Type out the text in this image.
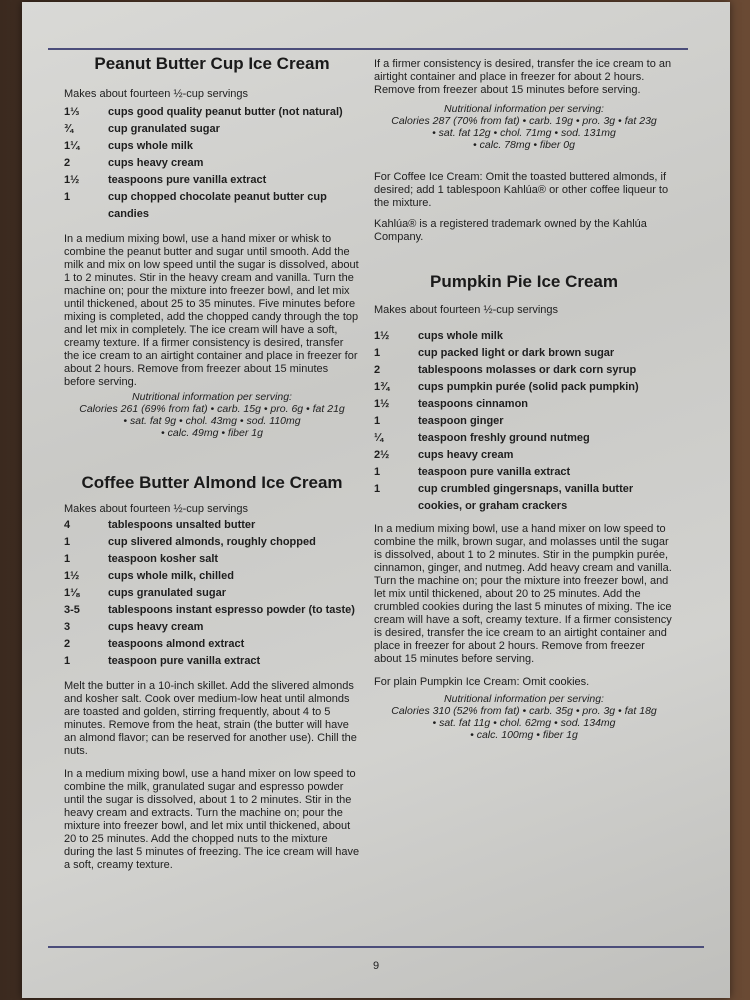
Peanut Butter Cup Ice Cream
Makes about fourteen ½-cup servings
1⅓	cups good quality peanut butter (not natural)
¾	cup granulated sugar
1¼	cups whole milk
2	cups heavy cream
1½	teaspoons pure vanilla extract
1	cup chopped chocolate peanut butter cup candies

In a medium mixing bowl, use a hand mixer or whisk to combine the peanut butter and sugar until smooth. Add the milk and mix on low speed until the sugar is dissolved, about 1 to 2 minutes. Stir in the heavy cream and vanilla. Turn the machine on; pour the mixture into freezer bowl, and let mix until thickened, about 25 to 35 minutes. Five minutes before mixing is completed, add the chopped candy through the top and let mix in completely. The ice cream will have a soft, creamy texture. If a firmer consistency is desired, transfer the ice cream to an airtight container and place in freezer for about 2 hours. Remove from freezer about 15 minutes before serving.

Nutritional information per serving:
Calories 261 (69% from fat) • carb. 15g • pro. 6g • fat 21g
• sat. fat 9g • chol. 43mg • sod. 110mg
• calc. 49mg • fiber 1g
Coffee Butter Almond Ice Cream
Makes about fourteen ½-cup servings
4	tablespoons unsalted butter
1	cup slivered almonds, roughly chopped
1	teaspoon kosher salt
1½	cups whole milk, chilled
1⅛	cups granulated sugar
3-5	tablespoons instant espresso powder (to taste)
3	cups heavy cream
2	teaspoons almond extract
1	teaspoon pure vanilla extract

Melt the butter in a 10-inch skillet. Add the slivered almonds and kosher salt. Cook over medium-low heat until almonds are toasted and golden, stirring frequently, about 4 to 5 minutes. Remove from the heat, strain (the butter will have an almond flavor; can be reserved for another use). Chill the nuts.

In a medium mixing bowl, use a hand mixer on low speed to combine the milk, granulated sugar and espresso powder until the sugar is dissolved, about 1 to 2 minutes. Stir in the heavy cream and extracts. Turn the machine on; pour the mixture into freezer bowl, and let mix until thickened, about 20 to 25 minutes. Add the chopped nuts to the mixture during the last 5 minutes of freezing. The ice cream will have a soft, creamy texture.

If a firmer consistency is desired, transfer the ice cream to an airtight container and place in freezer for about 2 hours. Remove from freezer about 15 minutes before serving.

Nutritional information per serving:
Calories 287 (70% from fat) • carb. 19g • pro. 3g • fat 23g
• sat. fat 12g • chol. 71mg • sod. 131mg
• calc. 78mg • fiber 0g

For Coffee Ice Cream: Omit the toasted buttered almonds, if desired; add 1 tablespoon Kahlúa® or other coffee liqueur to the mixture.

Kahlúa® is a registered trademark owned by the Kahlúa Company.

Pumpkin Pie Ice Cream
Makes about fourteen ½-cup servings
1½	cups whole milk
1	cup packed light or dark brown sugar
2	tablespoons molasses or dark corn syrup
1¾	cups pumpkin purée (solid pack pumpkin)
1½	teaspoons cinnamon
1	teaspoon ginger
¼	teaspoon freshly ground nutmeg
2½	cups heavy cream
1	teaspoon pure vanilla extract
1	cup crumbled gingersnaps, vanilla butter cookies, or graham crackers

In a medium mixing bowl, use a hand mixer on low speed to combine the milk, brown sugar, and molasses until the sugar is dissolved, about 1 to 2 minutes. Stir in the pumpkin purée, cinnamon, ginger, and nutmeg. Add heavy cream and vanilla. Turn the machine on; pour the mixture into freezer bowl, and let mix until thickened, about 20 to 25 minutes. Add the crumbled cookies during the last 5 minutes of mixing. The ice cream will have a soft, creamy texture. If a firmer consistency is desired, transfer the ice cream to an airtight container and place in freezer for about 2 hours. Remove from freezer about 15 minutes before serving.

For plain Pumpkin Ice Cream: Omit cookies.

Nutritional information per serving:
Calories 310 (52% from fat) • carb. 35g • pro. 3g • fat 18g
• sat. fat 11g • chol. 62mg • sod. 134mg
• calc. 100mg • fiber 1g
9
